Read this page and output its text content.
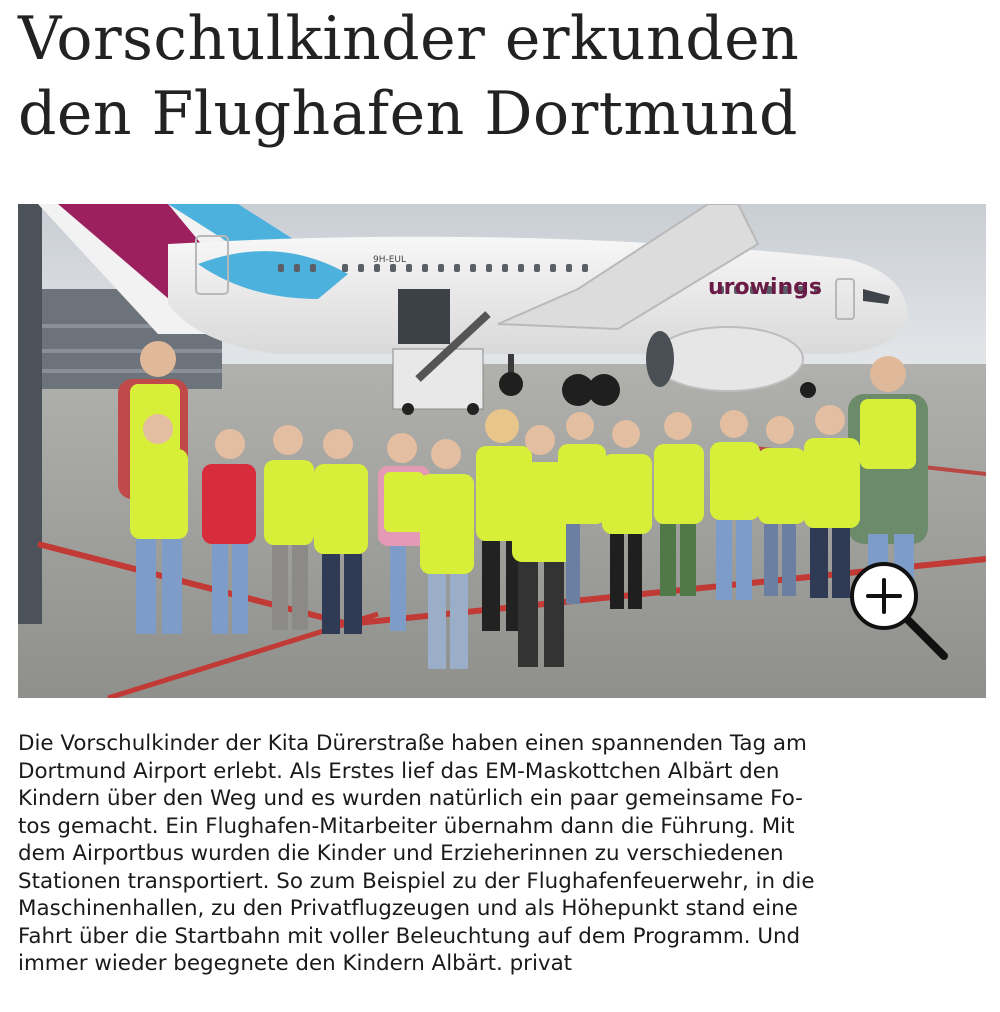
Vorschulkinder erkunden
den Flughafen Dortmund
urowings
9H-EUL

Die Vorschulkinder der Kita Dürerstraße haben einen spannenden Tag am
Dortmund Airport erlebt. Als Erstes lief das EM-Maskottchen Albärt den
Kindern über den Weg und es wurden natürlich ein paar gemeinsame Fo-
tos gemacht. Ein Flughafen-Mitarbeiter übernahm dann die Führung. Mit
dem Airportbus wurden die Kinder und Erzieherinnen zu verschiedenen
Stationen transportiert. So zum Beispiel zu der Flughafenfeuerwehr, in die
Maschinenhallen, zu den Privatflugzeugen und als Höhepunkt stand eine
Fahrt über die Startbahn mit voller Beleuchtung auf dem Programm. Und
immer wieder begegnete den Kindern Albärt. privat
